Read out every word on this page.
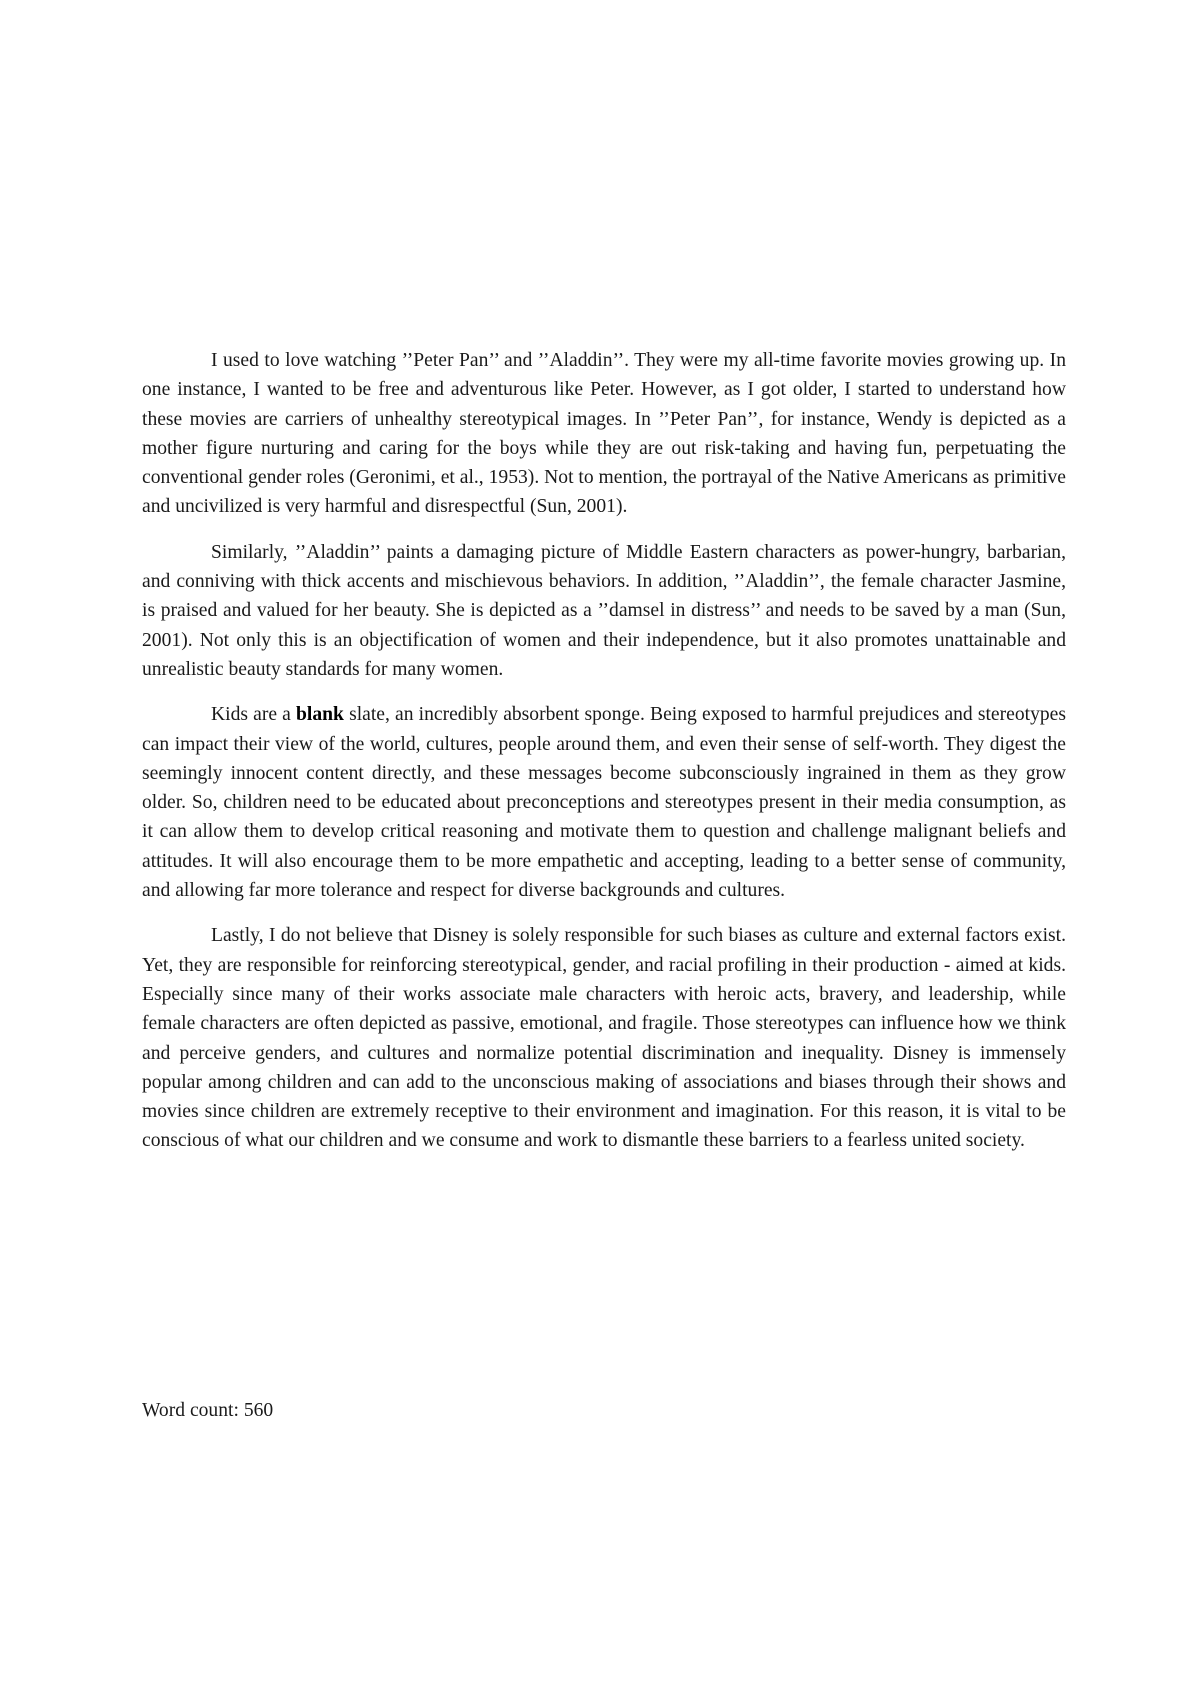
I used to love watching ’’Peter Pan’’ and ’’Aladdin’’. They were my all-time favorite movies growing up. In one instance, I wanted to be free and adventurous like Peter. However, as I got older, I started to understand how these movies are carriers of unhealthy stereotypical images. In ’’Peter Pan’’, for instance, Wendy is depicted as a mother figure nurturing and caring for the boys while they are out risk-taking and having fun, perpetuating the conventional gender roles (Geronimi, et al., 1953). Not to mention, the portrayal of the Native Americans as primitive and uncivilized is very harmful and disrespectful (Sun, 2001).

Similarly, ’’Aladdin’’ paints a damaging picture of Middle Eastern characters as power-hungry, barbarian, and conniving with thick accents and mischievous behaviors. In addition, ’’Aladdin’’, the female character Jasmine, is praised and valued for her beauty. She is depicted as a ’’damsel in distress’’ and needs to be saved by a man (Sun, 2001). Not only this is an objectification of women and their independence, but it also promotes unattainable and unrealistic beauty standards for many women.

Kids are a blank slate, an incredibly absorbent sponge. Being exposed to harmful prejudices and stereotypes can impact their view of the world, cultures, people around them, and even their sense of self-worth. They digest the seemingly innocent content directly, and these messages become subconsciously ingrained in them as they grow older. So, children need to be educated about preconceptions and stereotypes present in their media consumption, as it can allow them to develop critical reasoning and motivate them to question and challenge malignant beliefs and attitudes. It will also encourage them to be more empathetic and accepting, leading to a better sense of community, and allowing far more tolerance and respect for diverse backgrounds and cultures.

Lastly, I do not believe that Disney is solely responsible for such biases as culture and external factors exist. Yet, they are responsible for reinforcing stereotypical, gender, and racial profiling in their production - aimed at kids. Especially since many of their works associate male characters with heroic acts, bravery, and leadership, while female characters are often depicted as passive, emotional, and fragile. Those stereotypes can influence how we think and perceive genders, and cultures and normalize potential discrimination and inequality. Disney is immensely popular among children and can add to the unconscious making of associations and biases through their shows and movies since children are extremely receptive to their environment and imagination. For this reason, it is vital to be conscious of what our children and we consume and work to dismantle these barriers to a fearless united society.

Word count: 560
